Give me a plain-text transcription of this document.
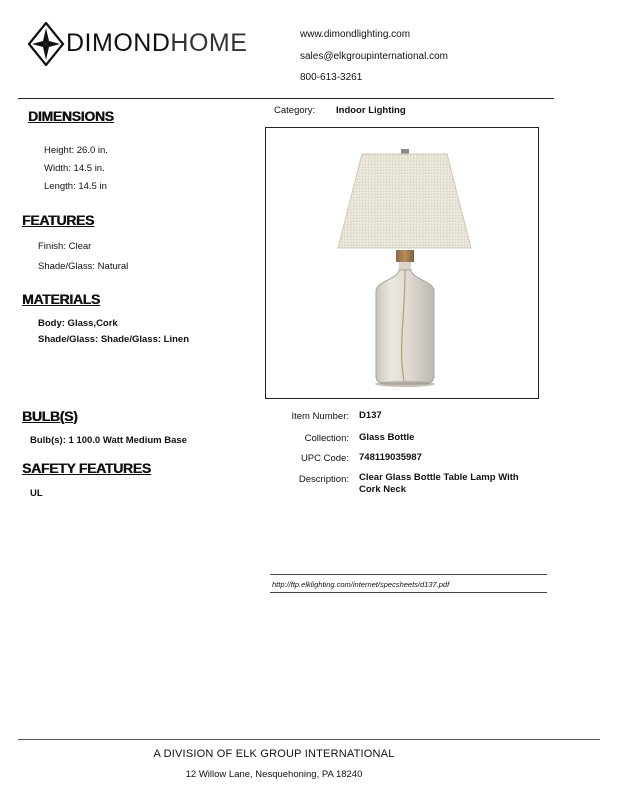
DIMONDHOME	www.dimondlighting.com
sales@elkgroupinternational.com
800-613-3261
Category: Indoor Lighting
DIMENSIONS
Height: 26.0 in.
Width: 14.5 in.
Length: 14.5 in
FEATURES
Finish: Clear
Shade/Glass: Natural
MATERIALS
Body: Glass,Cork
Shade/Glass: Shade/Glass: Linen
BULB(S)
Bulb(s): 1 100.0 Watt Medium Base
SAFETY FEATURES
UL
Item Number: D137
Collection: Glass Bottle
UPC Code: 748119035987
Description: Clear Glass Bottle Table Lamp With Cork Neck
http://ftp.elklighting.com/internet/specsheets/d137.pdf
A DIVISION OF ELK GROUP INTERNATIONAL
12 Willow Lane, Nesquehoning, PA 18240
